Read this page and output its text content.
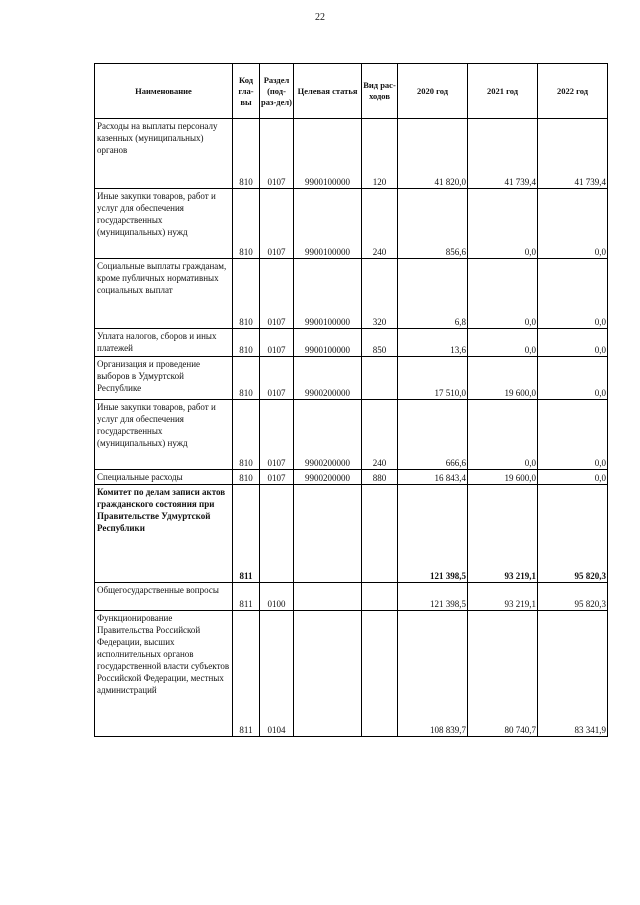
22
Наименование	Код гла-вы	Раздел (под-раз-дел)	Целевая статья	Вид рас-ходов	2020 год	2021 год	2022 год
Расходы на выплаты персоналу казенных (муниципальных) органов	810	0107	9900100000	120	41 820,0	41 739,4	41 739,4
Иные закупки товаров, работ и услуг для обеспечения государственных (муниципальных) нужд	810	0107	9900100000	240	856,6	0,0	0,0
Социальные выплаты гражданам, кроме публичных нормативных социальных выплат	810	0107	9900100000	320	6,8	0,0	0,0
Уплата налогов, сборов и иных платежей	810	0107	9900100000	850	13,6	0,0	0,0
Организация и проведение выборов в Удмуртской Республике	810	0107	9900200000		17 510,0	19 600,0	0,0
Иные закупки товаров, работ и услуг для обеспечения государственных (муниципальных) нужд	810	0107	9900200000	240	666,6	0,0	0,0
Специальные расходы	810	0107	9900200000	880	16 843,4	19 600,0	0,0
Комитет по делам записи актов гражданского состояния при Правительстве Удмуртской Республики	811				121 398,5	93 219,1	95 820,3
Общегосударственные вопросы	811	0100			121 398,5	93 219,1	95 820,3
Функционирование Правительства Российской Федерации, высших исполнительных органов государственной власти субъектов Российской Федерации, местных администраций	811	0104			108 839,7	80 740,7	83 341,9
